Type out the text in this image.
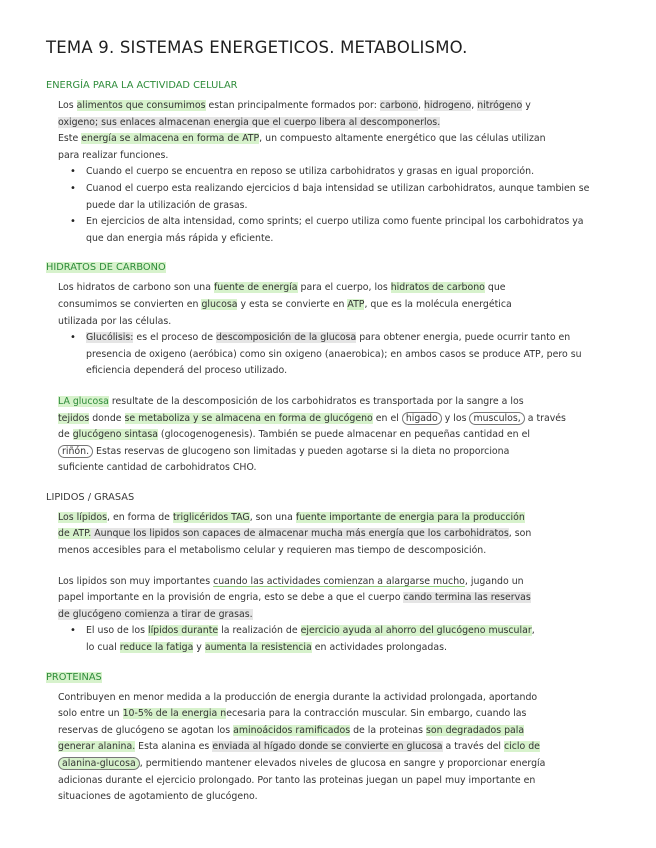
TEMA 9. SISTEMAS ENERGETICOS. METABOLISMO.
ENERGÍA PARA LA ACTIVIDAD CELULAR

Los alimentos que consumimos estan principalmente formados por: carbono, hidrogeno, nitrógeno y
oxigeno; sus enlaces almacenan energia que el cuerpo libera al descomponerlos.

Este energía se almacena en forma de ATP, un compuesto altamente energético que las células utilizan
para realizar funciones.

• Cuando el cuerpo se encuentra en reposo se utiliza carbohidratos y grasas en igual proporción.
• Cuanod el cuerpo esta realizando ejercicios d baja intensidad se utilizan carbohidratos, aunque tambien se puede dar la utilización de grasas.
• En ejercicios de alta intensidad, como sprints; el cuerpo utiliza como fuente principal los carbohidratos ya que dan energia más rápida y eficiente.
HIDRATOS DE CARBONO

Los hidratos de carbono son una fuente de energía para el cuerpo, los hidratos de carbono que
consumimos se convierten en glucosa y esta se convierte en ATP, que es la molécula energética
utilizada por las células.

• Glucólisis: es el proceso de descomposición de la glucosa para obtener energia, puede ocurrir tanto en presencia de oxigeno (aeróbica) como sin oxigeno (anaerobica); en ambos casos se produce ATP, pero su eficiencia dependerá del proceso utilizado.

LA glucosa resultate de la descomposición de los carbohidratos es transportada por la sangre a los
tejidos donde se metaboliza y se almacena en forma de glucógeno en el higado y los musculos, a través
de glucógeno sintasa (glocogenogenesis). También se puede almacenar en pequeñas cantidad en el
riñón. Estas reservas de glucogeno son limitadas y pueden agotarse si la dieta no proporciona
suficiente cantidad de carbohidratos CHO.

LIPIDOS / GRASAS

Los lípidos, en forma de triglicéridos TAG, son una fuente importante de energia para la producción
de ATP. Aunque los lipidos son capaces de almacenar mucha más energía que los carbohidratos, son
menos accesibles para el metabolismo celular y requieren mas tiempo de descomposición.

Los lipidos son muy importantes cuando las actividades comienzan a alargarse mucho, jugando un
papel importante en la provisión de engria, esto se debe a que el cuerpo cando termina las reservas
de glucógeno comienza a tirar de grasas.

• El uso de los lípidos durante la realización de ejercicio ayuda al ahorro del glucógeno muscular,
lo cual reduce la fatiga y aumenta la resistencia en actividades prolongadas.
PROTEINAS

Contribuyen en menor medida a la producción de energia durante la actividad prolongada, aportando
solo entre un 10-5% de la energia necesaria para la contracción muscular. Sin embargo, cuando las
reservas de glucógeno se agotan los aminoácidos ramificados de la proteinas son degradados pala
generar alanina. Esta alanina es enviada al hígado donde se convierte en glucosa a través del ciclo de
alanina-glucosa , permitiendo mantener elevados niveles de glucosa en sangre y proporcionar energía
adicionas durante el ejercicio prolongado. Por tanto las proteinas juegan un papel muy importante en
situaciones de agotamiento de glucógeno.
